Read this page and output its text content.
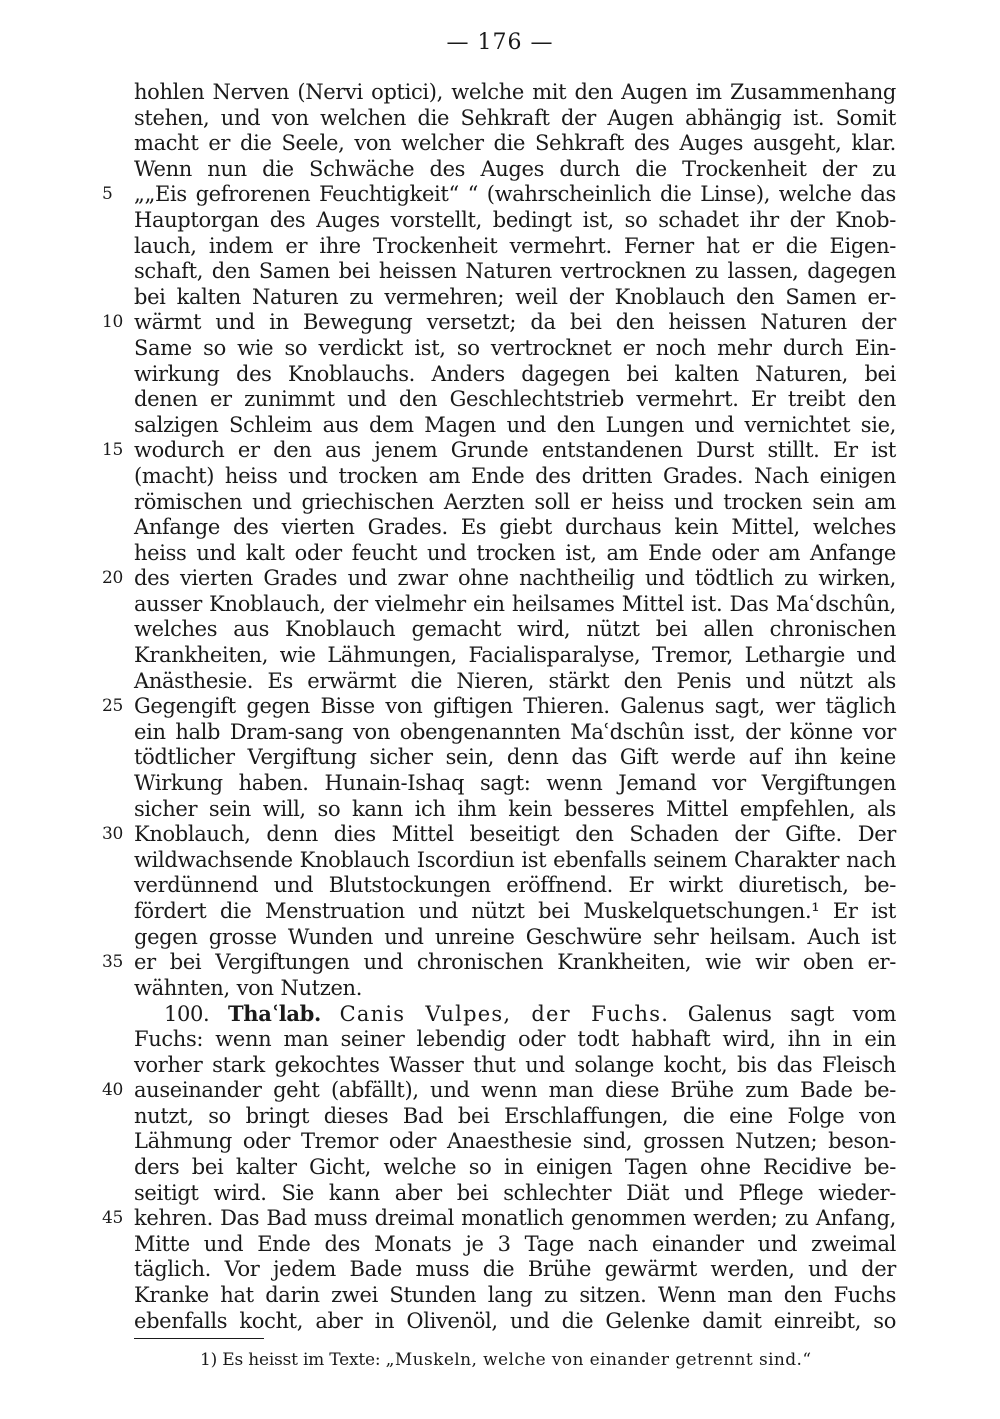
— 176 —
hohlen Nerven (Nervi optici), welche mit den Augen im Zusammenhang
stehen, und von welchen die Sehkraft der Augen abhängig ist. Somit
macht er die Seele, von welcher die Sehkraft des Auges ausgeht, klar.
Wenn nun die Schwäche des Auges durch die Trockenheit der zu
5	„„Eis gefrorenen Feuchtigkeit“ “ (wahrscheinlich die Linse), welche das
Hauptorgan des Auges vorstellt, bedingt ist, so schadet ihr der Knob-
lauch, indem er ihre Trockenheit vermehrt. Ferner hat er die Eigen-
schaft, den Samen bei heissen Naturen vertrocknen zu lassen, dagegen
bei kalten Naturen zu vermehren; weil der Knoblauch den Samen er-
10 wärmt und in Bewegung versetzt; da bei den heissen Naturen der
Same so wie so verdickt ist, so vertrocknet er noch mehr durch Ein-
wirkung des Knoblauchs. Anders dagegen bei kalten Naturen, bei
denen er zunimmt und den Geschlechtstrieb vermehrt. Er treibt den
salzigen Schleim aus dem Magen und den Lungen und vernichtet sie,
15 wodurch er den aus jenem Grunde entstandenen Durst stillt. Er ist
(macht) heiss und trocken am Ende des dritten Grades. Nach einigen
römischen und griechischen Aerzten soll er heiss und trocken sein am
Anfange des vierten Grades. Es giebt durchaus kein Mittel, welches
heiss und kalt oder feucht und trocken ist, am Ende oder am Anfange
20 des vierten Grades und zwar ohne nachtheilig und tödtlich zu wirken,
ausser Knoblauch, der vielmehr ein heilsames Mittel ist. Das Maʿdschûn,
welches aus Knoblauch gemacht wird, nützt bei allen chronischen
Krankheiten, wie Lähmungen, Facialisparalyse, Tremor, Lethargie und
Anästhesie. Es erwärmt die Nieren, stärkt den Penis und nützt als
25 Gegengift gegen Bisse von giftigen Thieren. Galenus sagt, wer täglich
ein halb Dram-sang von obengenannten Maʿdschûn isst, der könne vor
tödtlicher Vergiftung sicher sein, denn das Gift werde auf ihn keine
Wirkung haben. Hunain-Ishaq sagt: wenn Jemand vor Vergiftungen
sicher sein will, so kann ich ihm kein besseres Mittel empfehlen, als
30 Knoblauch, denn dies Mittel beseitigt den Schaden der Gifte. Der
wildwachsende Knoblauch Iscordiun ist ebenfalls seinem Charakter nach
verdünnend und Blutstockungen eröffnend. Er wirkt diuretisch, be-
fördert die Menstruation und nützt bei Muskelquetschungen.¹ Er ist
gegen grosse Wunden und unreine Geschwüre sehr heilsam. Auch ist
35 er bei Vergiftungen und chronischen Krankheiten, wie wir oben er-
wähnten, von Nutzen.
100. Thaʿlab. Canis Vulpes, der Fuchs. Galenus sagt vom
Fuchs: wenn man seiner lebendig oder todt habhaft wird, ihn in ein
vorher stark gekochtes Wasser thut und solange kocht, bis das Fleisch
40 auseinander geht (abfällt), und wenn man diese Brühe zum Bade be-
nutzt, so bringt dieses Bad bei Erschlaffungen, die eine Folge von
Lähmung oder Tremor oder Anaesthesie sind, grossen Nutzen; beson-
ders bei kalter Gicht, welche so in einigen Tagen ohne Recidive be-
seitigt wird. Sie kann aber bei schlechter Diät und Pflege wieder-
45 kehren. Das Bad muss dreimal monatlich genommen werden; zu Anfang,
Mitte und Ende des Monats je 3 Tage nach einander und zweimal
täglich. Vor jedem Bade muss die Brühe gewärmt werden, und der
Kranke hat darin zwei Stunden lang zu sitzen. Wenn man den Fuchs
ebenfalls kocht, aber in Olivenöl, und die Gelenke damit einreibt, so
1) Es heisst im Texte: „Muskeln, welche von einander getrennt sind.“
